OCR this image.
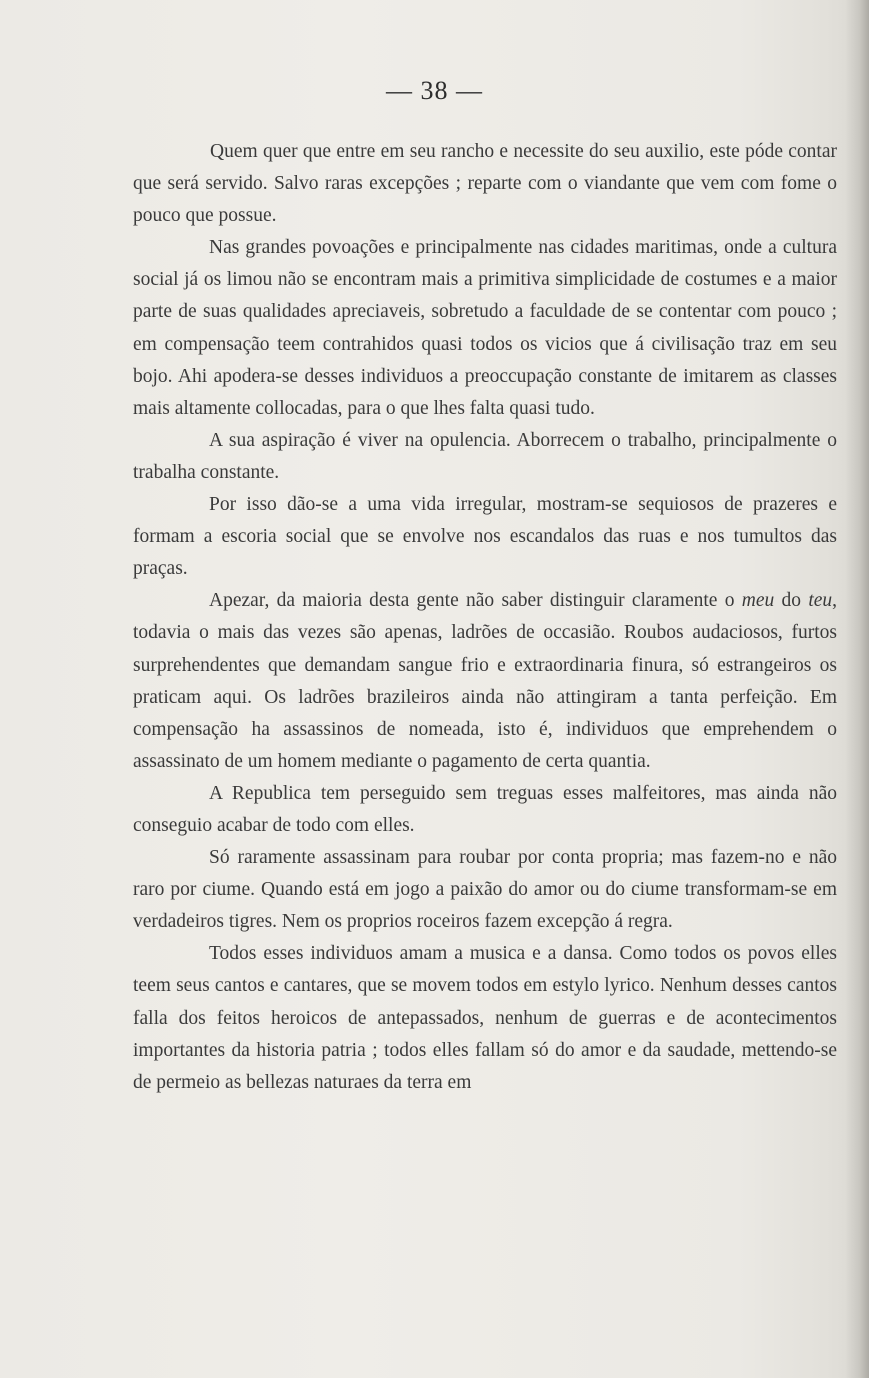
— 38 —

Quem quer que entre em seu rancho e necessite do seu auxilio, este póde contar que será servido. Salvo raras excepções ; reparte com o viandante que vem com fome o pouco que possue.

Nas grandes povoações e principalmente nas cidades maritimas, onde a cultura social já os limou não se encontram mais a primitiva simplicidade de costumes e a maior parte de suas qualidades apreciaveis, sobretudo a faculdade de se contentar com pouco ; em compensação teem contrahidos quasi todos os vicios que á civilisação traz em seu bojo. Ahi apodera-se desses individuos a preoccupação constante de imitarem as classes mais altamente collocadas, para o que lhes falta quasi tudo.

A sua aspiração é viver na opulencia. Aborrecem o trabalho, principalmente o trabalha constante.

Por isso dão-se a uma vida irregular, mostram-se sequiosos de prazeres e formam a escoria social que se envolve nos escandalos das ruas e nos tumultos das praças.

Apezar, da maioria desta gente não saber distinguir claramente o meu do teu, todavia o mais das vezes são apenas, ladrões de occasião. Roubos audaciosos, furtos surprehendentes que demandam sangue frio e extraordinaria finura, só estrangeiros os praticam aqui. Os ladrões brazileiros ainda não attingiram a tanta perfeição. Em compensação ha assassinos de nomeada, isto é, individuos que emprehendem o assassinato de um homem mediante o pagamento de certa quantia.

A Republica tem perseguido sem treguas esses malfeitores, mas ainda não conseguio acabar de todo com elles.

Só raramente assassinam para roubar por conta propria; mas fazem-no e não raro por ciume. Quando está em jogo a paixão do amor ou do ciume transformam-se em verdadeiros tigres. Nem os proprios roceiros fazem excepção á regra.

Todos esses individuos amam a musica e a dansa. Como todos os povos elles teem seus cantos e cantares, que se movem todos em estylo lyrico. Nenhum desses cantos falla dos feitos heroicos de antepassados, nenhum de guerras e de acontecimentos importantes da historia patria ; todos elles fallam só do amor e da saudade, mettendo-se de permeio as bellezas naturaes da terra em
